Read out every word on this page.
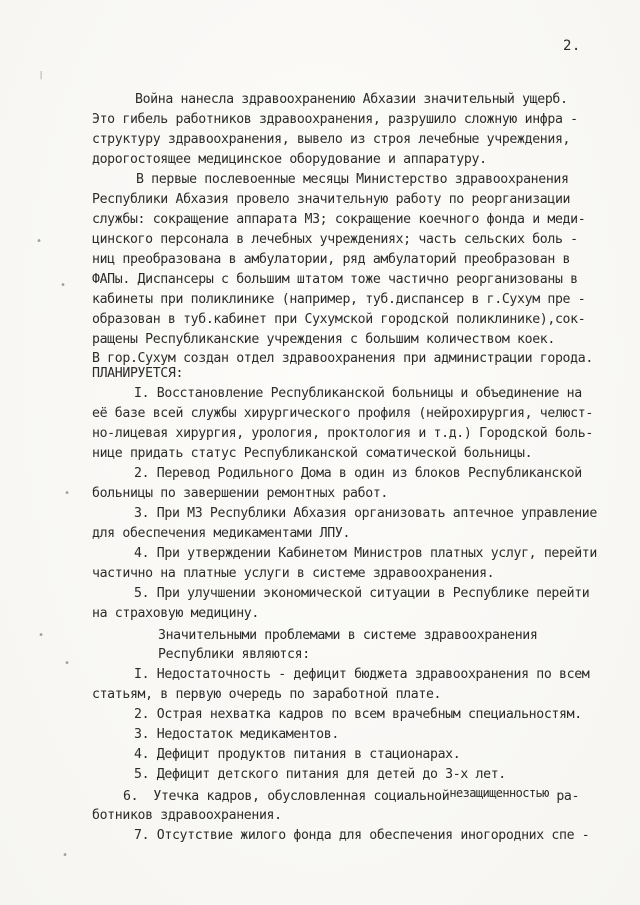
2.
Война нанесла здравоохранению Абхазии значительный ущерб.
Это гибель работников здравоохранения, разрушило сложную инфра -
структуру здравоохранения, вывело из строя лечебные учреждения,
дорогостоящее медицинское оборудование и аппаратуру.
В первые послевоенные месяцы Министерство здравоохранения
Республики Абхазия провело значительную работу по реорганизации
службы: сокращение аппарата МЗ; сокращение коечного фонда и меди-
цинского персонала в лечебных учреждениях; часть сельских боль -
ниц преобразована в амбулатории, ряд амбулаторий преобразован в
ФАПы. Диспансеры с большим штатом тоже частично реорганизованы в
кабинеты при поликлинике (например, туб.диспансер в г.Сухум пре -
образован в туб.кабинет при Сухумской городской поликлинике),сок-
ращены Республиканские учреждения с большим количеством коек.
В гор.Сухум создан отдел здравоохранения при администрации города.
ПЛАНИРУЕТСЯ:
I. Восстановление Республиканской больницы и объединение на
её базе всей службы хирургического профиля (нейрохирургия, челюст-
но-лицевая хирургия, урология, проктология и т.д.) Городской боль-
нице придать статус Республиканской соматической больницы.
2. Перевод Родильного Дома в один из блоков Республиканской
больницы по завершении ремонтных работ.
3. При МЗ Республики Абхазия организовать аптечное управление
для обеспечения медикаментами ЛПУ.
4. При утверждении Кабинетом Министров платных услуг, перейти
частично на платные услуги в системе здравоохранения.
5. При улучшении экономической ситуации в Республике перейти
на страховую медицину.
Значительными проблемами в системе здравоохранения
Республики являются:
I. Недостаточность - дефицит бюджета здравоохранения по всем
статьям, в первую очередь по заработной плате.
2. Острая нехватка кадров по всем врачебным специальностям.
3. Недостаток медикаментов.
4. Дефицит продуктов питания в стационарах.
5. Дефицит детского питания для детей до 3-х лет.
6.  Утечка кадров, обусловленная социальнойнезащищенностью ра-
ботников здравоохранения.
7. Отсутствие жилого фонда для обеспечения иногородних спе -
❘
•
•
•
•
•
•
